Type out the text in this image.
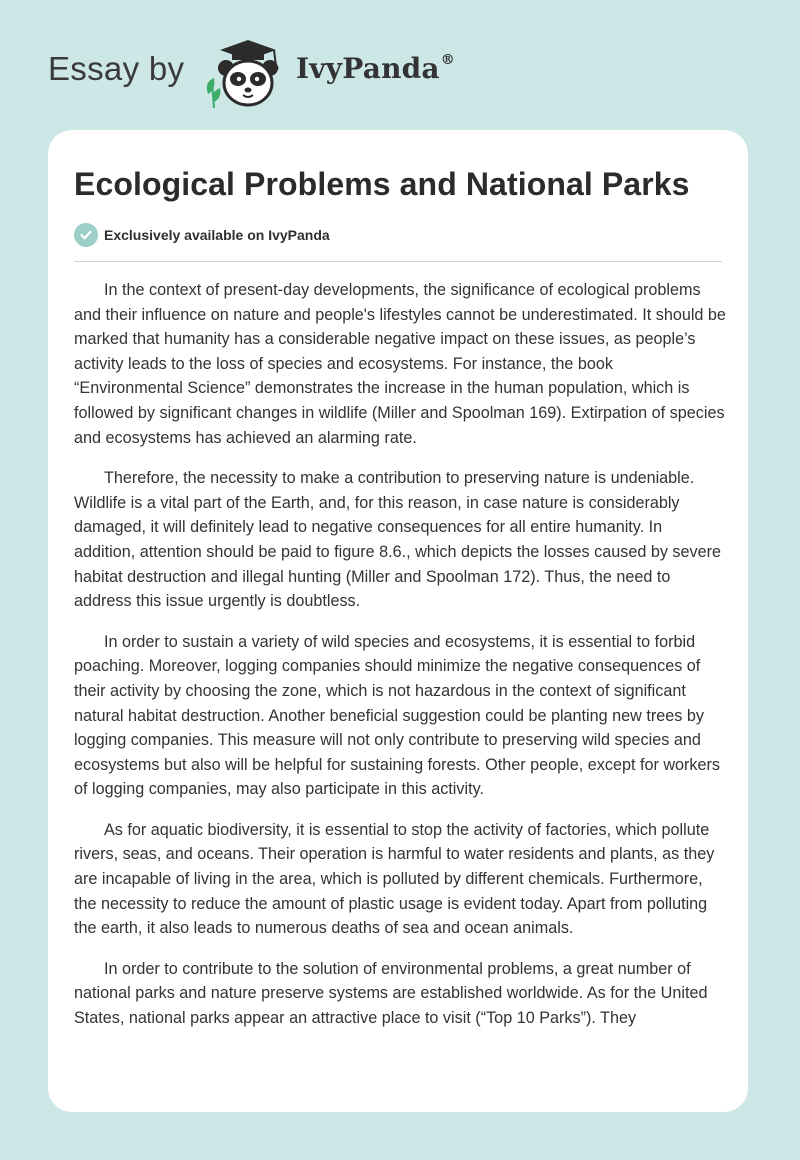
Essay by	IvyPanda®
Ecological Problems and National Parks
Exclusively available on IvyPanda

In the context of present-day developments, the significance of ecological problems and their influence on nature and people's lifestyles cannot be underestimated. It should be marked that humanity has a considerable negative impact on these issues, as people’s activity leads to the loss of species and ecosystems. For instance, the book “Environmental Science” demonstrates the increase in the human population, which is followed by significant changes in wildlife (Miller and Spoolman 169). Extirpation of species and ecosystems has achieved an alarming rate.

Therefore, the necessity to make a contribution to preserving nature is undeniable. Wildlife is a vital part of the Earth, and, for this reason, in case nature is considerably damaged, it will definitely lead to negative consequences for all entire humanity. In addition, attention should be paid to figure 8.6., which depicts the losses caused by severe habitat destruction and illegal hunting (Miller and Spoolman 172). Thus, the need to address this issue urgently is doubtless.

In order to sustain a variety of wild species and ecosystems, it is essential to forbid poaching. Moreover, logging companies should minimize the negative consequences of their activity by choosing the zone, which is not hazardous in the context of significant natural habitat destruction. Another beneficial suggestion could be planting new trees by logging companies. This measure will not only contribute to preserving wild species and ecosystems but also will be helpful for sustaining forests. Other people, except for workers of logging companies, may also participate in this activity.

As for aquatic biodiversity, it is essential to stop the activity of factories, which pollute rivers, seas, and oceans. Their operation is harmful to water residents and plants, as they are incapable of living in the area, which is polluted by different chemicals. Furthermore, the necessity to reduce the amount of plastic usage is evident today. Apart from polluting the earth, it also leads to numerous deaths of sea and ocean animals.

In order to contribute to the solution of environmental problems, a great number of national parks and nature preserve systems are established worldwide. As for the United States, national parks appear an attractive place to visit (“Top 10 Parks”). They
